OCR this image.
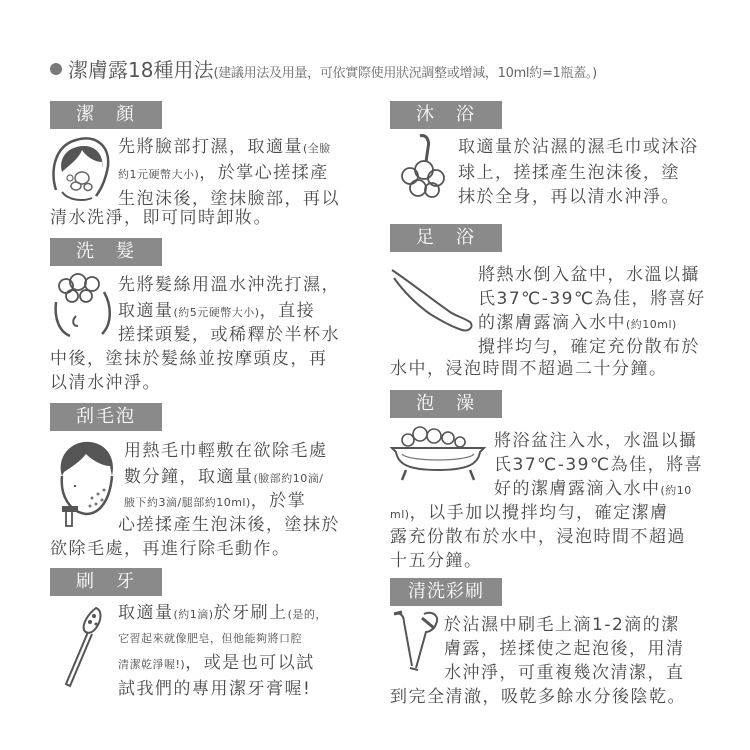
潔膚露18種用法(建議用法及用量，可依實際使用狀況調整或增減，10ml約=1瓶蓋。)
潔　顏
先將臉部打濕，取適量(全臉
約1元硬幣大小)，於掌心搓揉產
生泡沫後，塗抹臉部，再以
清水洗淨，即可同時卸妝。
洗　髮
先將髮絲用溫水沖洗打濕，
取適量(約5元硬幣大小)，直接
搓揉頭髮，或稀釋於半杯水
中後，塗抹於髮絲並按摩頭皮，再
以清水沖淨。
刮毛泡
用熱毛巾輕敷在欲除毛處
數分鐘，取適量(臉部約10滴/
腋下約3滴/腿部約10ml)，於掌
心搓揉產生泡沫後，塗抹於
欲除毛處，再進行除毛動作。
刷　牙
取適量(約1滴)於牙刷上(是的，
它習起來就像肥皂，但他能夠將口腔
清潔乾淨喔!)，或是也可以試
試我們的專用潔牙膏喔!
沐　浴
取適量於沾濕的濕毛巾或沐浴
球上，搓揉產生泡沫後，塗
抹於全身，再以清水沖淨。
足　浴
將熱水倒入盆中，水溫以攝
氏37℃-39℃為佳，將喜好
的潔膚露滴入水中(約10ml)
攪拌均勻，確定充份散布於
水中，浸泡時間不超過二十分鐘。
泡　澡
將浴盆注入水，水溫以攝
氏37℃-39℃為佳，將喜
好的潔膚露滴入水中(約10
ml)，以手加以攪拌均勻，確定潔膚
露充份散布於水中，浸泡時間不超過
十五分鐘。
清洗彩刷
於沾濕中刷毛上滴1-2滴的潔
膚露，搓揉使之起泡後，用清
水沖淨，可重複幾次清潔，直
到完全清澈，吸乾多餘水分後陰乾。
